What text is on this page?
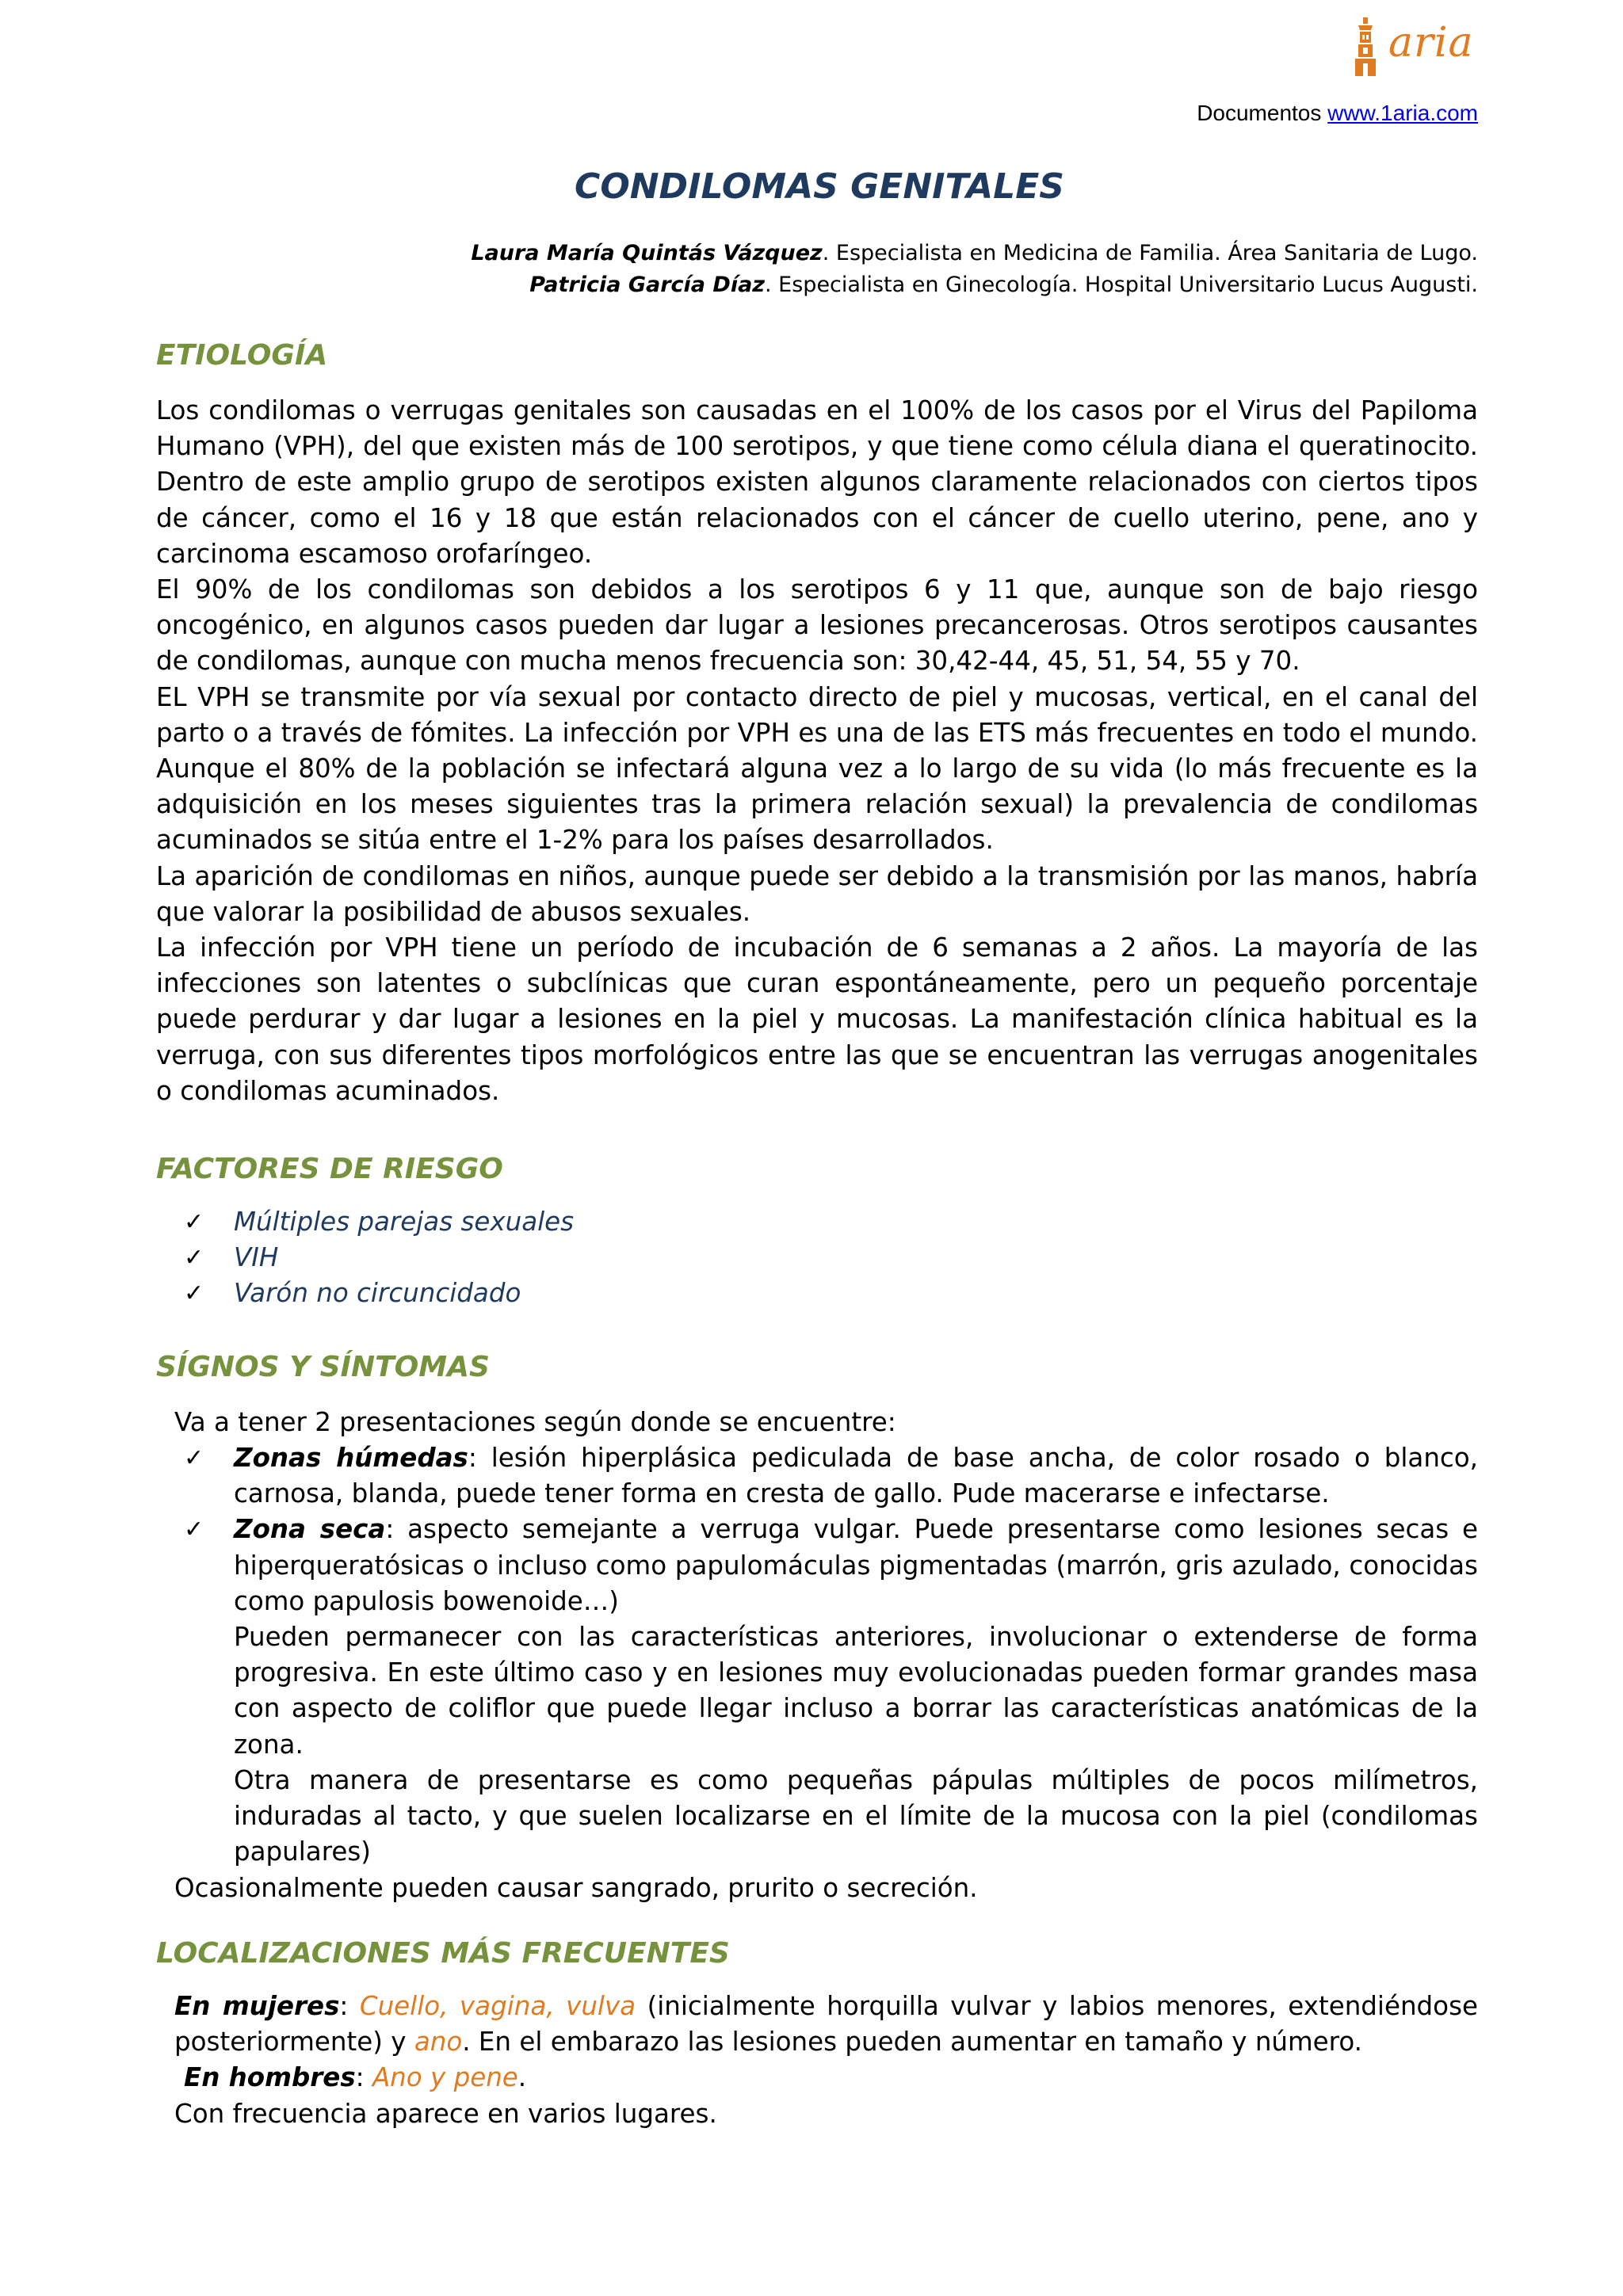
aria
Documentos www.1aria.com
CONDILOMAS GENITALES
Laura María Quintás Vázquez. Especialista en Medicina de Familia. Área Sanitaria de Lugo.
Patricia García Díaz. Especialista en Ginecología. Hospital Universitario Lucus Augusti.
ETIOLOGÍA

Los condilomas o verrugas genitales son causadas en el 100% de los casos por el Virus del Papiloma Humano (VPH), del que existen más de 100 serotipos, y que tiene como célula diana el queratinocito. Dentro de este amplio grupo de serotipos existen algunos claramente relacionados con ciertos tipos de cáncer, como el 16 y 18 que están relacionados con el cáncer de cuello uterino, pene, ano y carcinoma escamoso orofaríngeo.

El 90% de los condilomas son debidos a los serotipos 6 y 11 que, aunque son de bajo riesgo oncogénico, en algunos casos pueden dar lugar a lesiones precancerosas. Otros serotipos causantes de condilomas, aunque con mucha menos frecuencia son: 30,42-44, 45, 51, 54, 55 y 70.

EL VPH se transmite por vía sexual por contacto directo de piel y mucosas, vertical, en el canal del parto o a través de fómites. La infección por VPH es una de las ETS más frecuentes en todo el mundo. Aunque el 80% de la población se infectará alguna vez a lo largo de su vida (lo más frecuente es la adquisición en los meses siguientes tras la primera relación sexual) la prevalencia de condilomas acuminados se sitúa entre el 1-2% para los países desarrollados.

La aparición de condilomas en niños, aunque puede ser debido a la transmisión por las manos, habría que valorar la posibilidad de abusos sexuales.

La infección por VPH tiene un período de incubación de 6 semanas a 2 años. La mayoría de las infecciones son latentes o subclínicas que curan espontáneamente, pero un pequeño porcentaje puede perdurar y dar lugar a lesiones en la piel y mucosas. La manifestación clínica habitual es la verruga, con sus diferentes tipos morfológicos entre las que se encuentran las verrugas anogenitales o condilomas acuminados.

FACTORES DE RIESGO
✓ Múltiples parejas sexuales
✓ VIH
✓ Varón no circuncidado
SÍGNOS Y SÍNTOMAS
Va a tener 2 presentaciones según donde se encuentre:
✓ Zonas húmedas: lesión hiperplásica pediculada de base ancha, de color rosado o blanco, carnosa, blanda, puede tener forma en cresta de gallo. Pude macerarse e infectarse.
✓ Zona seca: aspecto semejante a verruga vulgar. Puede presentarse como lesiones secas e hiperqueratósicas o incluso como papulomáculas pigmentadas (marrón, gris azulado, conocidas como papulosis bowenoide…)
Pueden permanecer con las características anteriores, involucionar o extenderse de forma progresiva. En este último caso y en lesiones muy evolucionadas pueden formar grandes masa con aspecto de coliflor que puede llegar incluso a borrar las características anatómicas de la zona.
Otra manera de presentarse es como pequeñas pápulas múltiples de pocos milímetros, induradas al tacto, y que suelen localizarse en el límite de la mucosa con la piel (condilomas papulares)
Ocasionalmente pueden causar sangrado, prurito o secreción.
LOCALIZACIONES MÁS FRECUENTES

En mujeres: Cuello, vagina, vulva (inicialmente horquilla vulvar y labios menores, extendiéndose posteriormente) y ano. En el embarazo las lesiones pueden aumentar en tamaño y número.

En hombres: Ano y pene.

Con frecuencia aparece en varios lugares.
